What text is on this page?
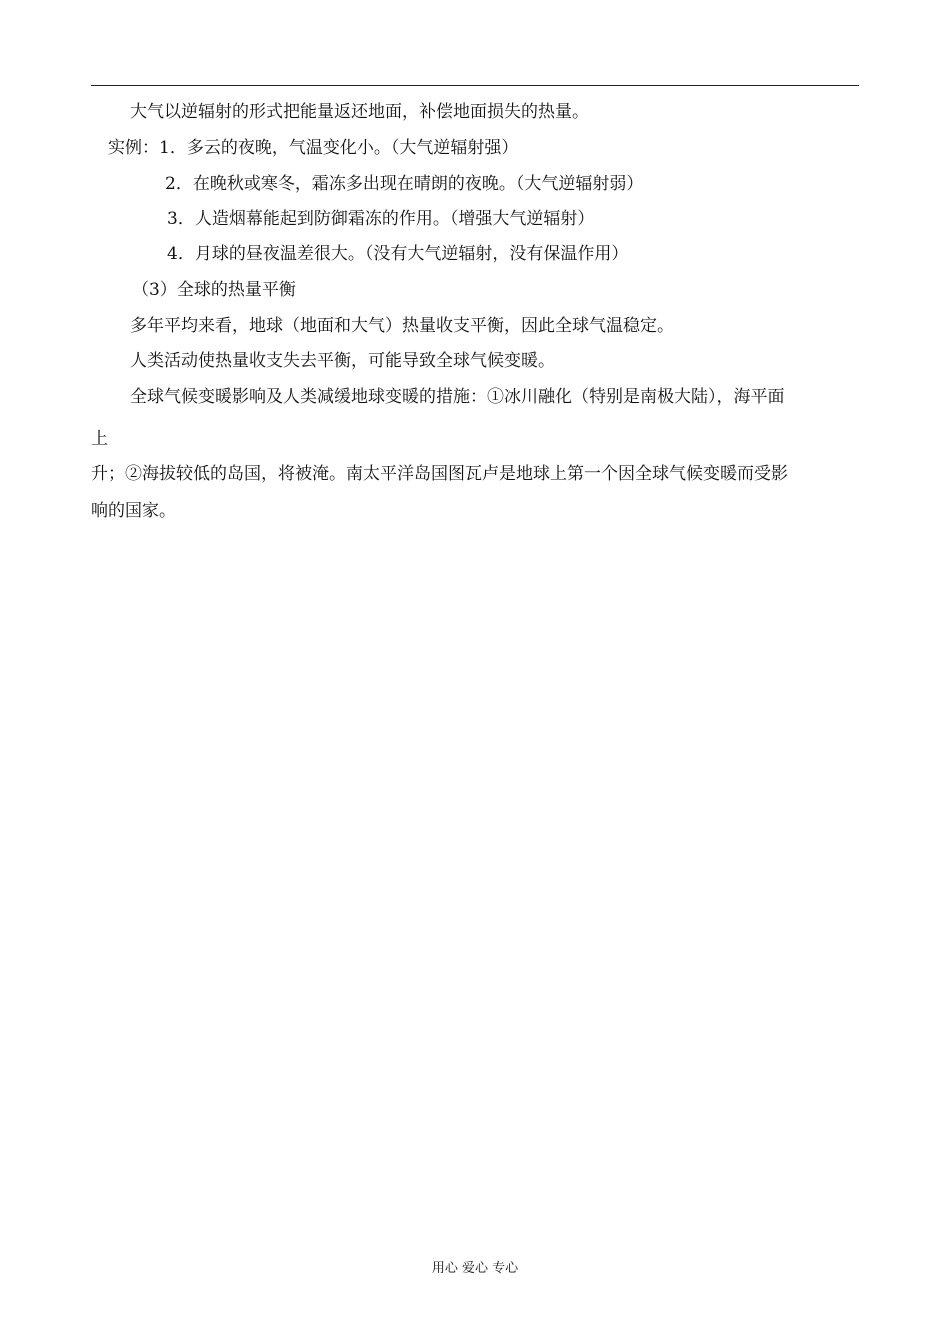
大气以逆辐射的形式把能量返还地面，补偿地面损失的热量。
实例：1．多云的夜晚，气温变化小。（大气逆辐射强）
2．在晚秋或寒冬，霜冻多出现在晴朗的夜晚。（大气逆辐射弱）
3．人造烟幕能起到防御霜冻的作用。（增强大气逆辐射）
4．月球的昼夜温差很大。（没有大气逆辐射，没有保温作用）
（3）全球的热量平衡
多年平均来看，地球（地面和大气）热量收支平衡，因此全球气温稳定。
人类活动使热量收支失去平衡，可能导致全球气候变暖。
全球气候变暖影响及人类减缓地球变暖的措施：①冰川融化（特别是南极大陆），海平面
上
升；②海拔较低的岛国，将被淹。南太平洋岛国图瓦卢是地球上第一个因全球气候变暖而受影
响的国家。
用心 爱心 专心
